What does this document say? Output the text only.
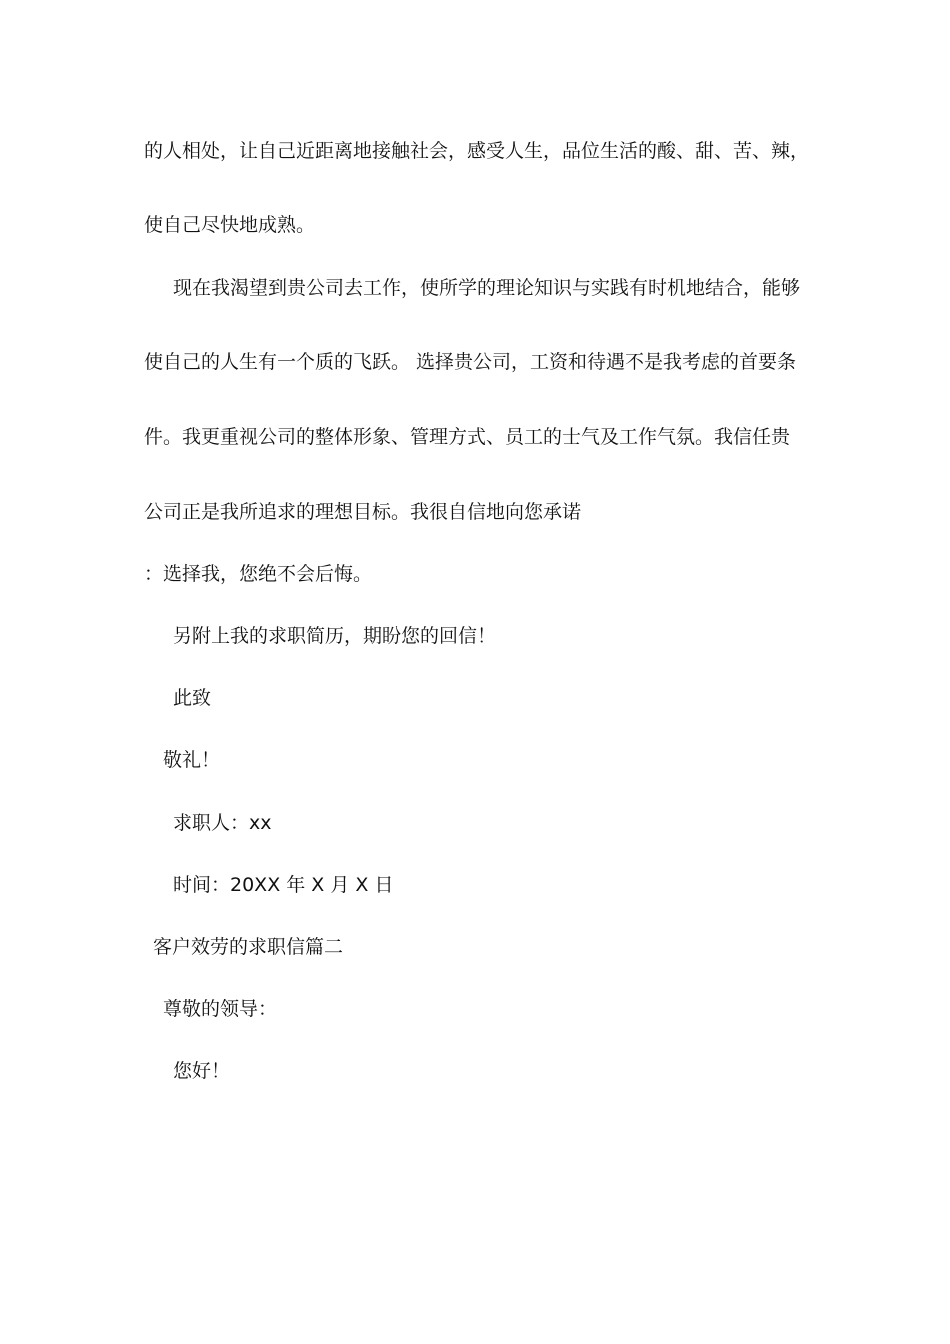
的人相处，让自己近距离地接触社会，感受人生，品位生活的酸、甜、苦、辣，
使自己尽快地成熟。
现在我渴望到贵公司去工作，使所学的理论知识与实践有时机地结合，能够
使自己的人生有一个质的飞跃。 选择贵公司，工资和待遇不是我考虑的首要条
件。我更重视公司的整体形象、管理方式、员工的士气及工作气氛。我信任贵
公司正是我所追求的理想目标。我很自信地向您承诺
：选择我，您绝不会后悔。
另附上我的求职简历，期盼您的回信！
此致
敬礼！
求职人：xx
时间：20XX 年 X 月 X 日
客户效劳的求职信篇二
尊敬的领导：
您好！
